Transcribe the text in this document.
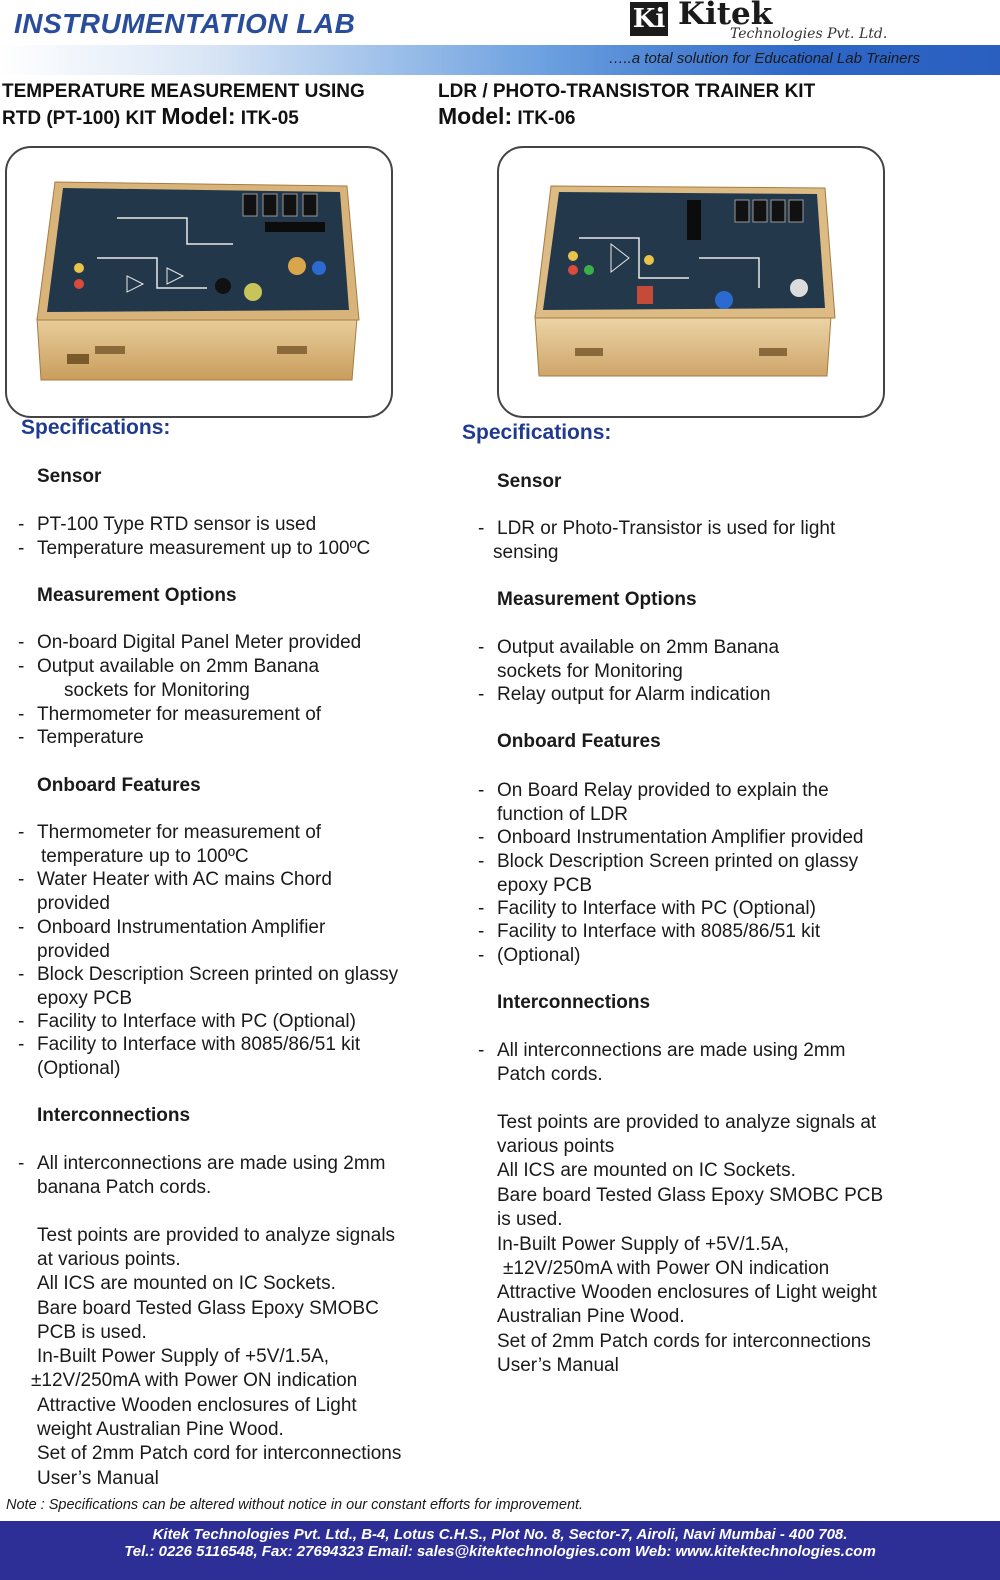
INSTRUMENTATION LAB	Ki Kitek
Technologies Pvt. Ltd.
…..a total solution for Educational Lab Trainers
TEMPERATURE MEASUREMENT USING
RTD (PT-100) KIT Model: ITK-05
Specifications:
Sensor
- PT-100 Type RTD sensor is used
- Temperature measurement up to 100ºC
Measurement Options
- On-board Digital Panel Meter provided
- Output available on 2mm Banana
sockets for Monitoring
- Thermometer for measurement of
- Temperature
Onboard Features
- Thermometer for measurement of
temperature up to 100ºC
- Water Heater with AC mains Chord
provided
- Onboard Instrumentation Amplifier
provided
- Block Description Screen printed on glassy
epoxy PCB
- Facility to Interface with PC (Optional)
- Facility to Interface with 8085/86/51 kit
(Optional)
Interconnections
- All interconnections are made using 2mm
banana Patch cords.
Test points are provided to analyze signals
at various points.
All ICS are mounted on IC Sockets.
Bare board Tested Glass Epoxy SMOBC
PCB is used.
In-Built Power Supply of +5V/1.5A,
±12V/250mA with Power ON indication
Attractive Wooden enclosures of Light
weight Australian Pine Wood.
Set of 2mm Patch cord for interconnections
User’s Manual
LDR / PHOTO-TRANSISTOR TRAINER KIT
Model: ITK-06
Specifications:
Sensor
- LDR or Photo-Transistor is used for light
sensing
Measurement Options
- Output available on 2mm Banana
sockets for Monitoring
- Relay output for Alarm indication
Onboard Features
- On Board Relay provided to explain the
function of LDR
- Onboard Instrumentation Amplifier provided
- Block Description Screen printed on glassy
epoxy PCB
- Facility to Interface with PC (Optional)
- Facility to Interface with 8085/86/51 kit
- (Optional)
Interconnections
- All interconnections are made using 2mm
Patch cords.
Test points are provided to analyze signals at
various points
All ICS are mounted on IC Sockets.
Bare board Tested Glass Epoxy SMOBC PCB
is used.
In-Built Power Supply of +5V/1.5A,
±12V/250mA with Power ON indication
Attractive Wooden enclosures of Light weight
Australian Pine Wood.
Set of 2mm Patch cords for interconnections
User’s Manual
Note : Specifications can be altered without notice in our constant efforts for improvement.
Kitek Technologies Pvt. Ltd., B-4, Lotus C.H.S., Plot No. 8, Sector-7, Airoli, Navi Mumbai - 400 708.
Tel.: 0226 5116548, Fax: 27694323 Email: sales@kitektechnologies.com Web: www.kitektechnologies.com
